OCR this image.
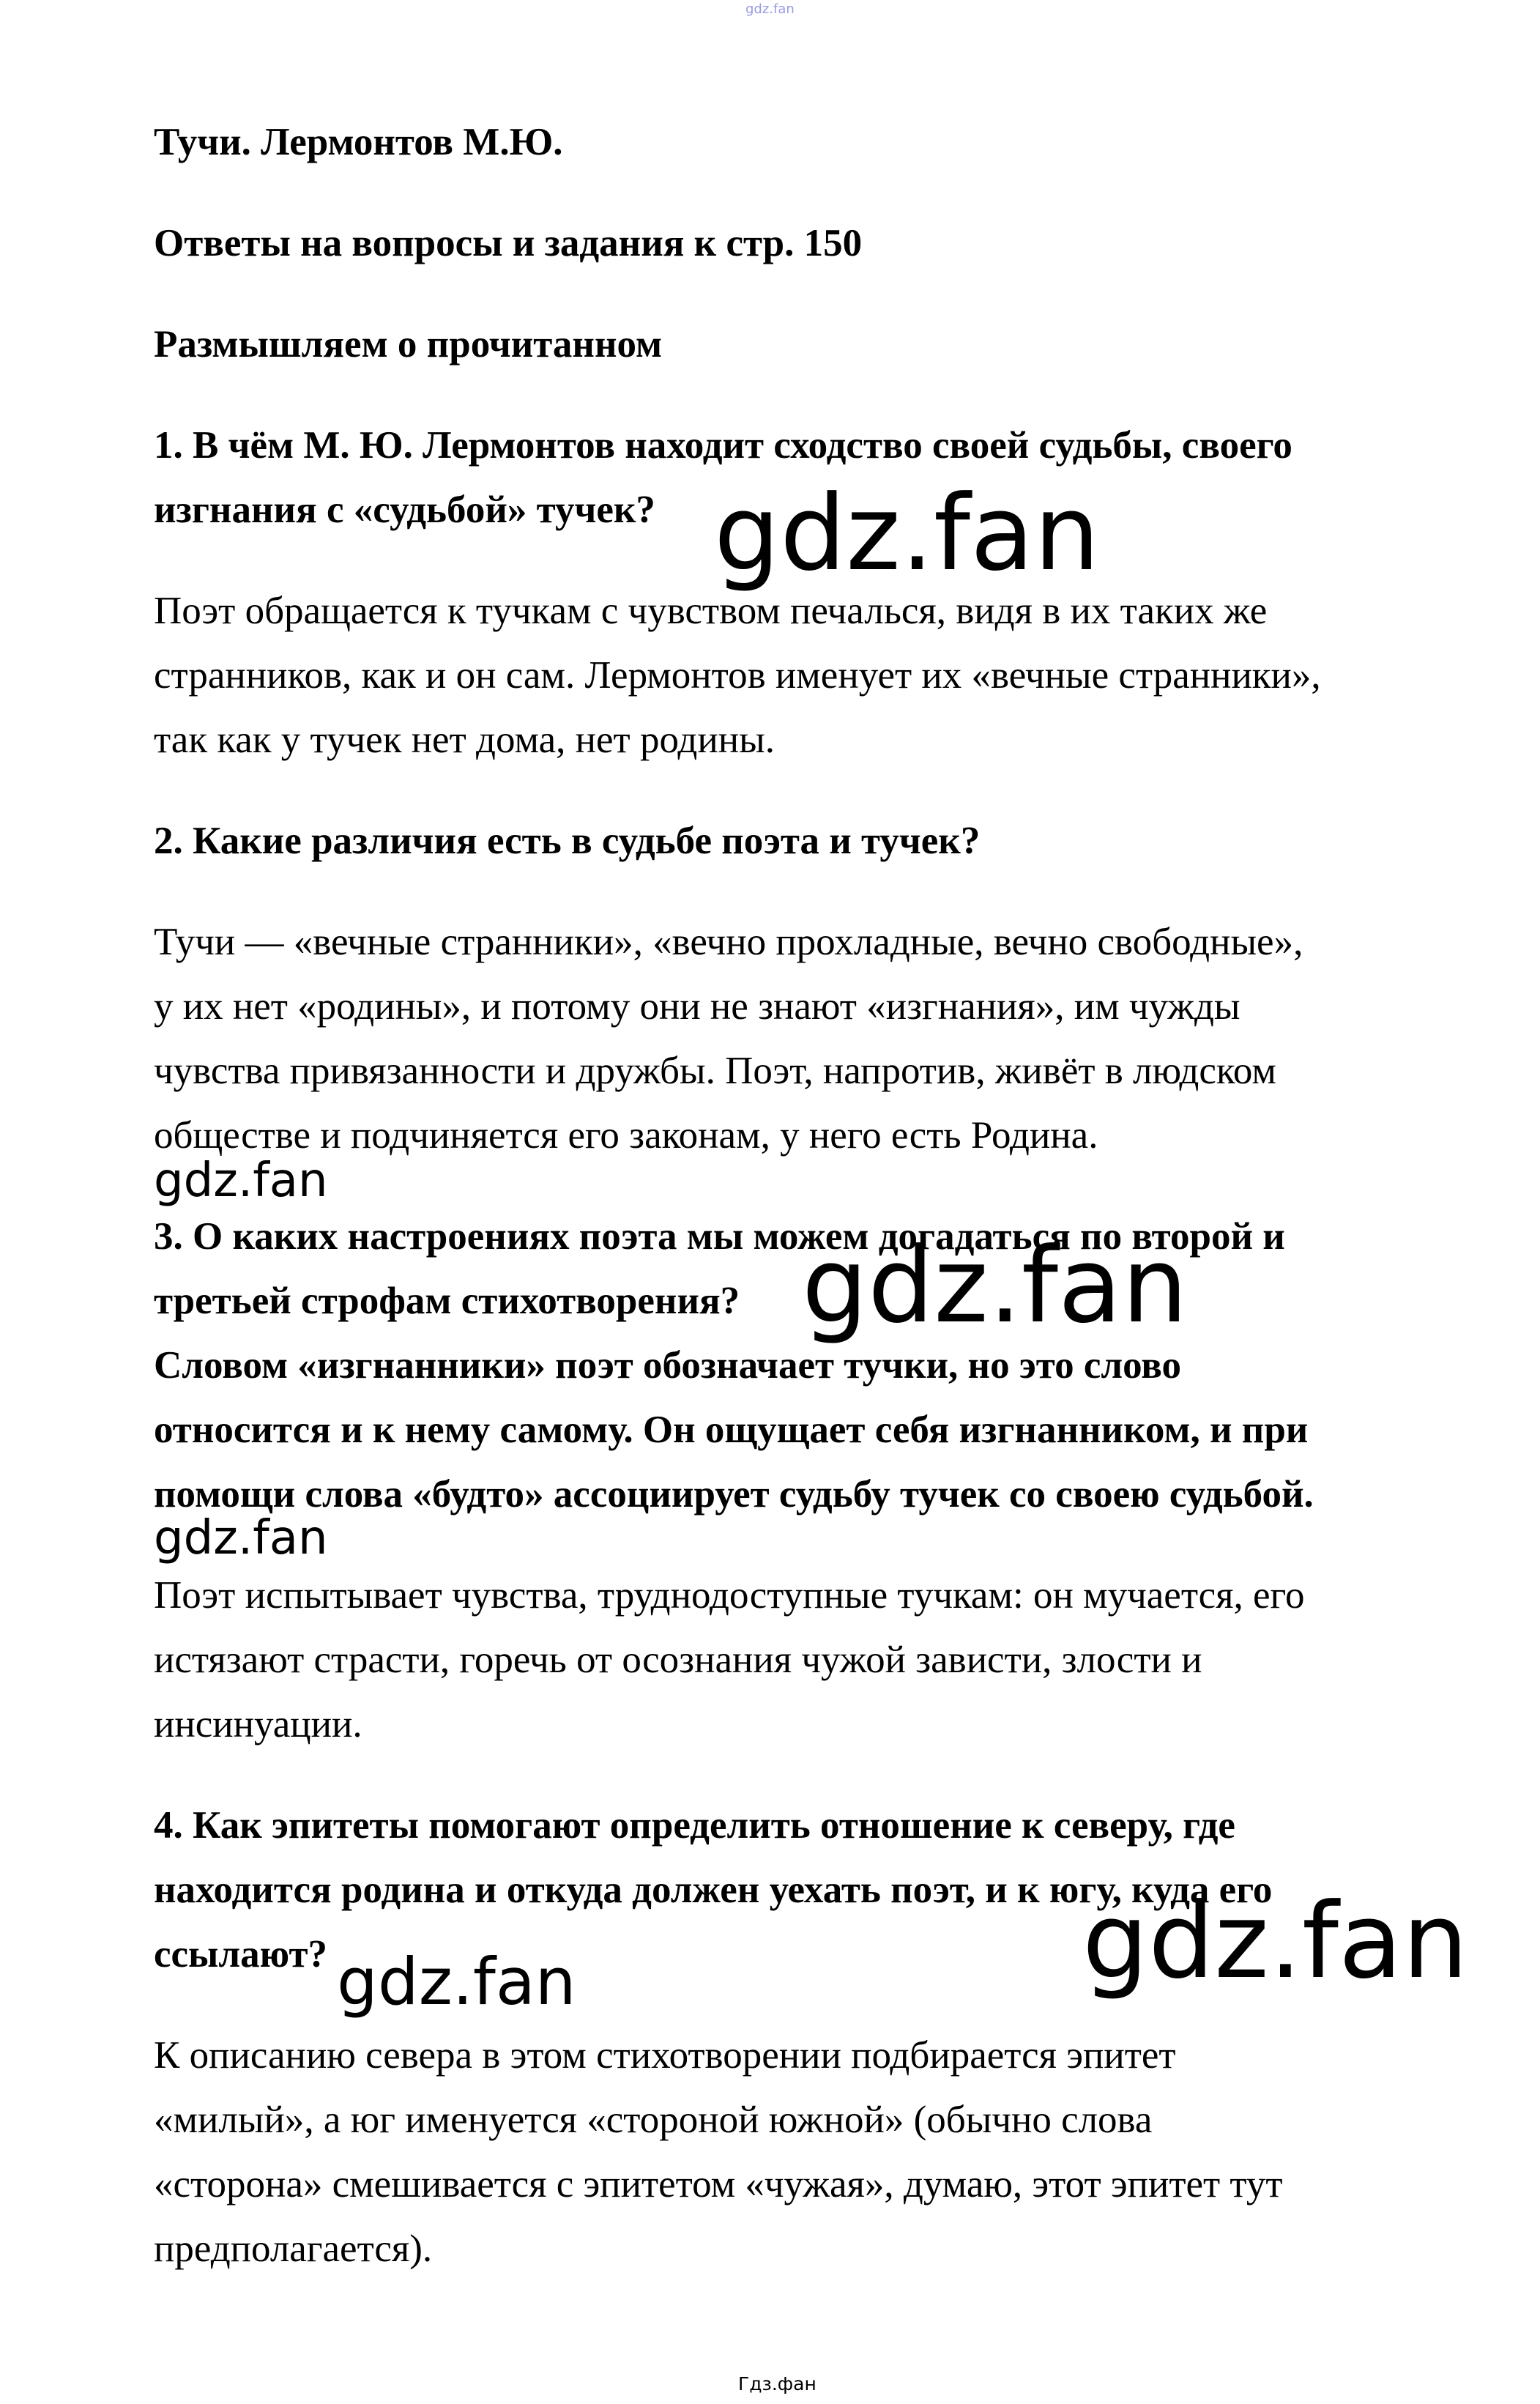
gdz.fan

Тучи. Лермонтов М.Ю.

Ответы на вопросы и задания к стр. 150

Размышляем о прочитанном

1. В чём М. Ю. Лермонтов находит сходство своей судьбы, своего

изгнания с «судьбой» тучек?

Поэт обращается к тучкам с чувством печалься, видя в их таких же

странников, как и он сам. Лермонтов именует их «вечные странники»,

так как у тучек нет дома, нет родины.

2. Какие различия есть в судьбе поэта и тучек?

Тучи — «вечные странники», «вечно прохладные, вечно свободные»,

у их нет «родины», и потому они не знают «изгнания», им чужды

чувства привязанности и дружбы. Поэт, напротив, живёт в людском

обществе и подчиняется его законам, у него есть Родина.

3. О каких настроениях поэта мы можем догадаться по второй и

третьей строфам стихотворения?

Словом «изгнанники» поэт обозначает тучки, но это слово

относится и к нему самому. Он ощущает себя изгнанником, и при

помощи слова «будто» ассоциирует судьбу тучек со своею судьбой.

Поэт испытывает чувства, труднодоступные тучкам: он мучается, его

истязают страсти, горечь от осознания чужой зависти, злости и

инсинуации.

4. Как эпитеты помогают определить отношение к северу, где

находится родина и откуда должен уехать поэт, и к югу, куда его

ссылают?

К описанию севера в этом стихотворении подбирается эпитет

«милый», а юг именуется «стороной южной» (обычно слова

«сторона» смешивается с эпитетом «чужая», думаю, этот эпитет тут

предполагается).

gdz.fan
gdz.fan
gdz.fan
gdz.fan
gdz.fan
gdz.fan
Гдз.фан
